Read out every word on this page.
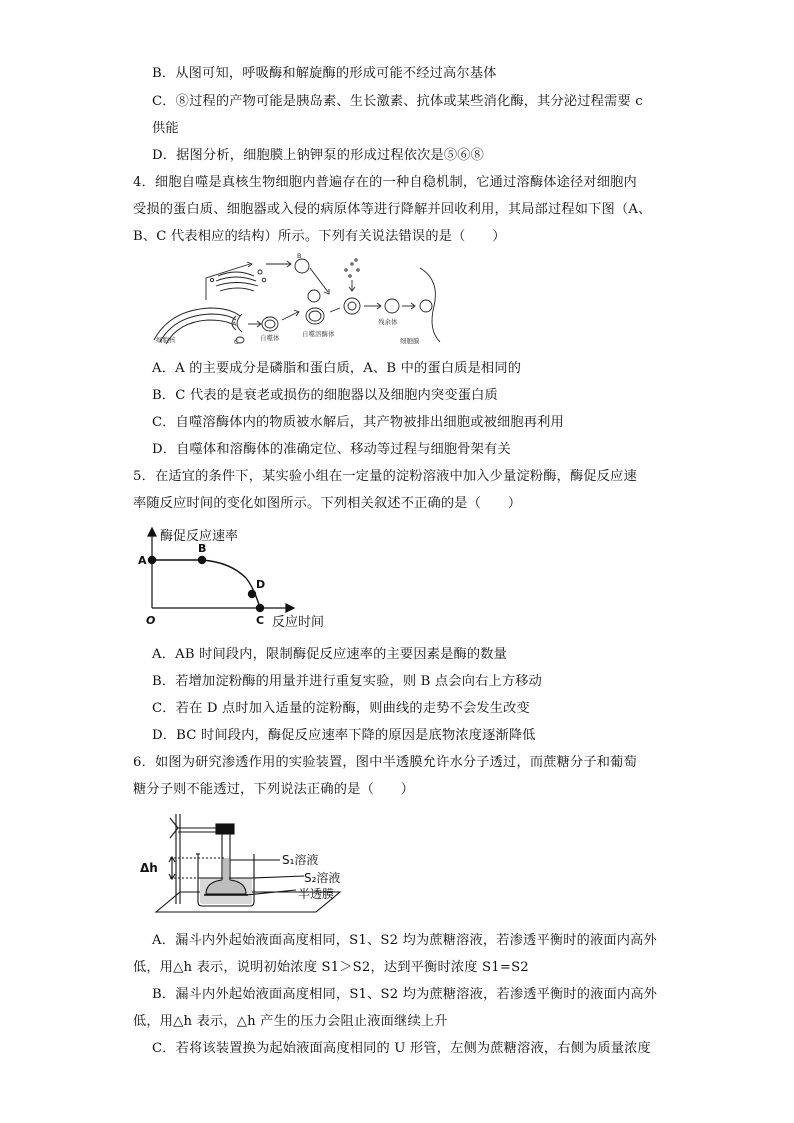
B．从图可知，呼吸酶和解旋酶的形成可能不经过高尔基体
C．⑧过程的产物可能是胰岛素、生长激素、抗体或某些消化酶，其分泌过程需要 c
供能
D．据图分析，细胞膜上钠钾泵的形成过程依次是⑤⑥⑧
4．细胞自噬是真核生物细胞内普遍存在的一种自稳机制，它通过溶酶体途径对细胞内
受损的蛋白质、细胞器或入侵的病原体等进行降解并回收利用，其局部过程如下图（A、
B、C 代表相应的结构）所示。下列有关说法错误的是（　　）
细胞核
A
B
C	自噬体	自噬溶酶体
残余体
细胞膜
A．A 的主要成分是磷脂和蛋白质，A、B 中的蛋白质是相同的
B．C 代表的是衰老或损伤的细胞器以及细胞内突变蛋白质
C．自噬溶酶体内的物质被水解后，其产物被排出细胞或被细胞再利用
D．自噬体和溶酶体的准确定位、移动等过程与细胞骨架有关
5．在适宜的条件下，某实验小组在一定量的淀粉溶液中加入少量淀粉酶，酶促反应速
率随反应时间的变化如图所示。下列相关叙述不正确的是（　　）
酶促反应速率
反应时间
O
A
B
D
C
A．AB 时间段内，限制酶促反应速率的主要因素是酶的数量
B．若增加淀粉酶的用量并进行重复实验，则 B 点会向右上方移动
C．若在 D 点时加入适量的淀粉酶，则曲线的走势不会发生改变
D．BC 时间段内，酶促反应速率下降的原因是底物浓度逐渐降低
6．如图为研究渗透作用的实验装置，图中半透膜允许水分子透过，而蔗糖分子和葡萄
糖分子则不能透过，下列说法正确的是（　　）
Δh
S₁溶液
S₂溶液
半透膜
A．漏斗内外起始液面高度相同，S1、S2 均为蔗糖溶液，若渗透平衡时的液面内高外
低，用△h 表示，说明初始浓度 S1＞S2，达到平衡时浓度 S1=S2
B．漏斗内外起始液面高度相同，S1、S2 均为蔗糖溶液，若渗透平衡时的液面内高外
低，用△h 表示，△h 产生的压力会阻止液面继续上升
C．若将该装置换为起始液面高度相同的 U 形管，左侧为蔗糖溶液，右侧为质量浓度
